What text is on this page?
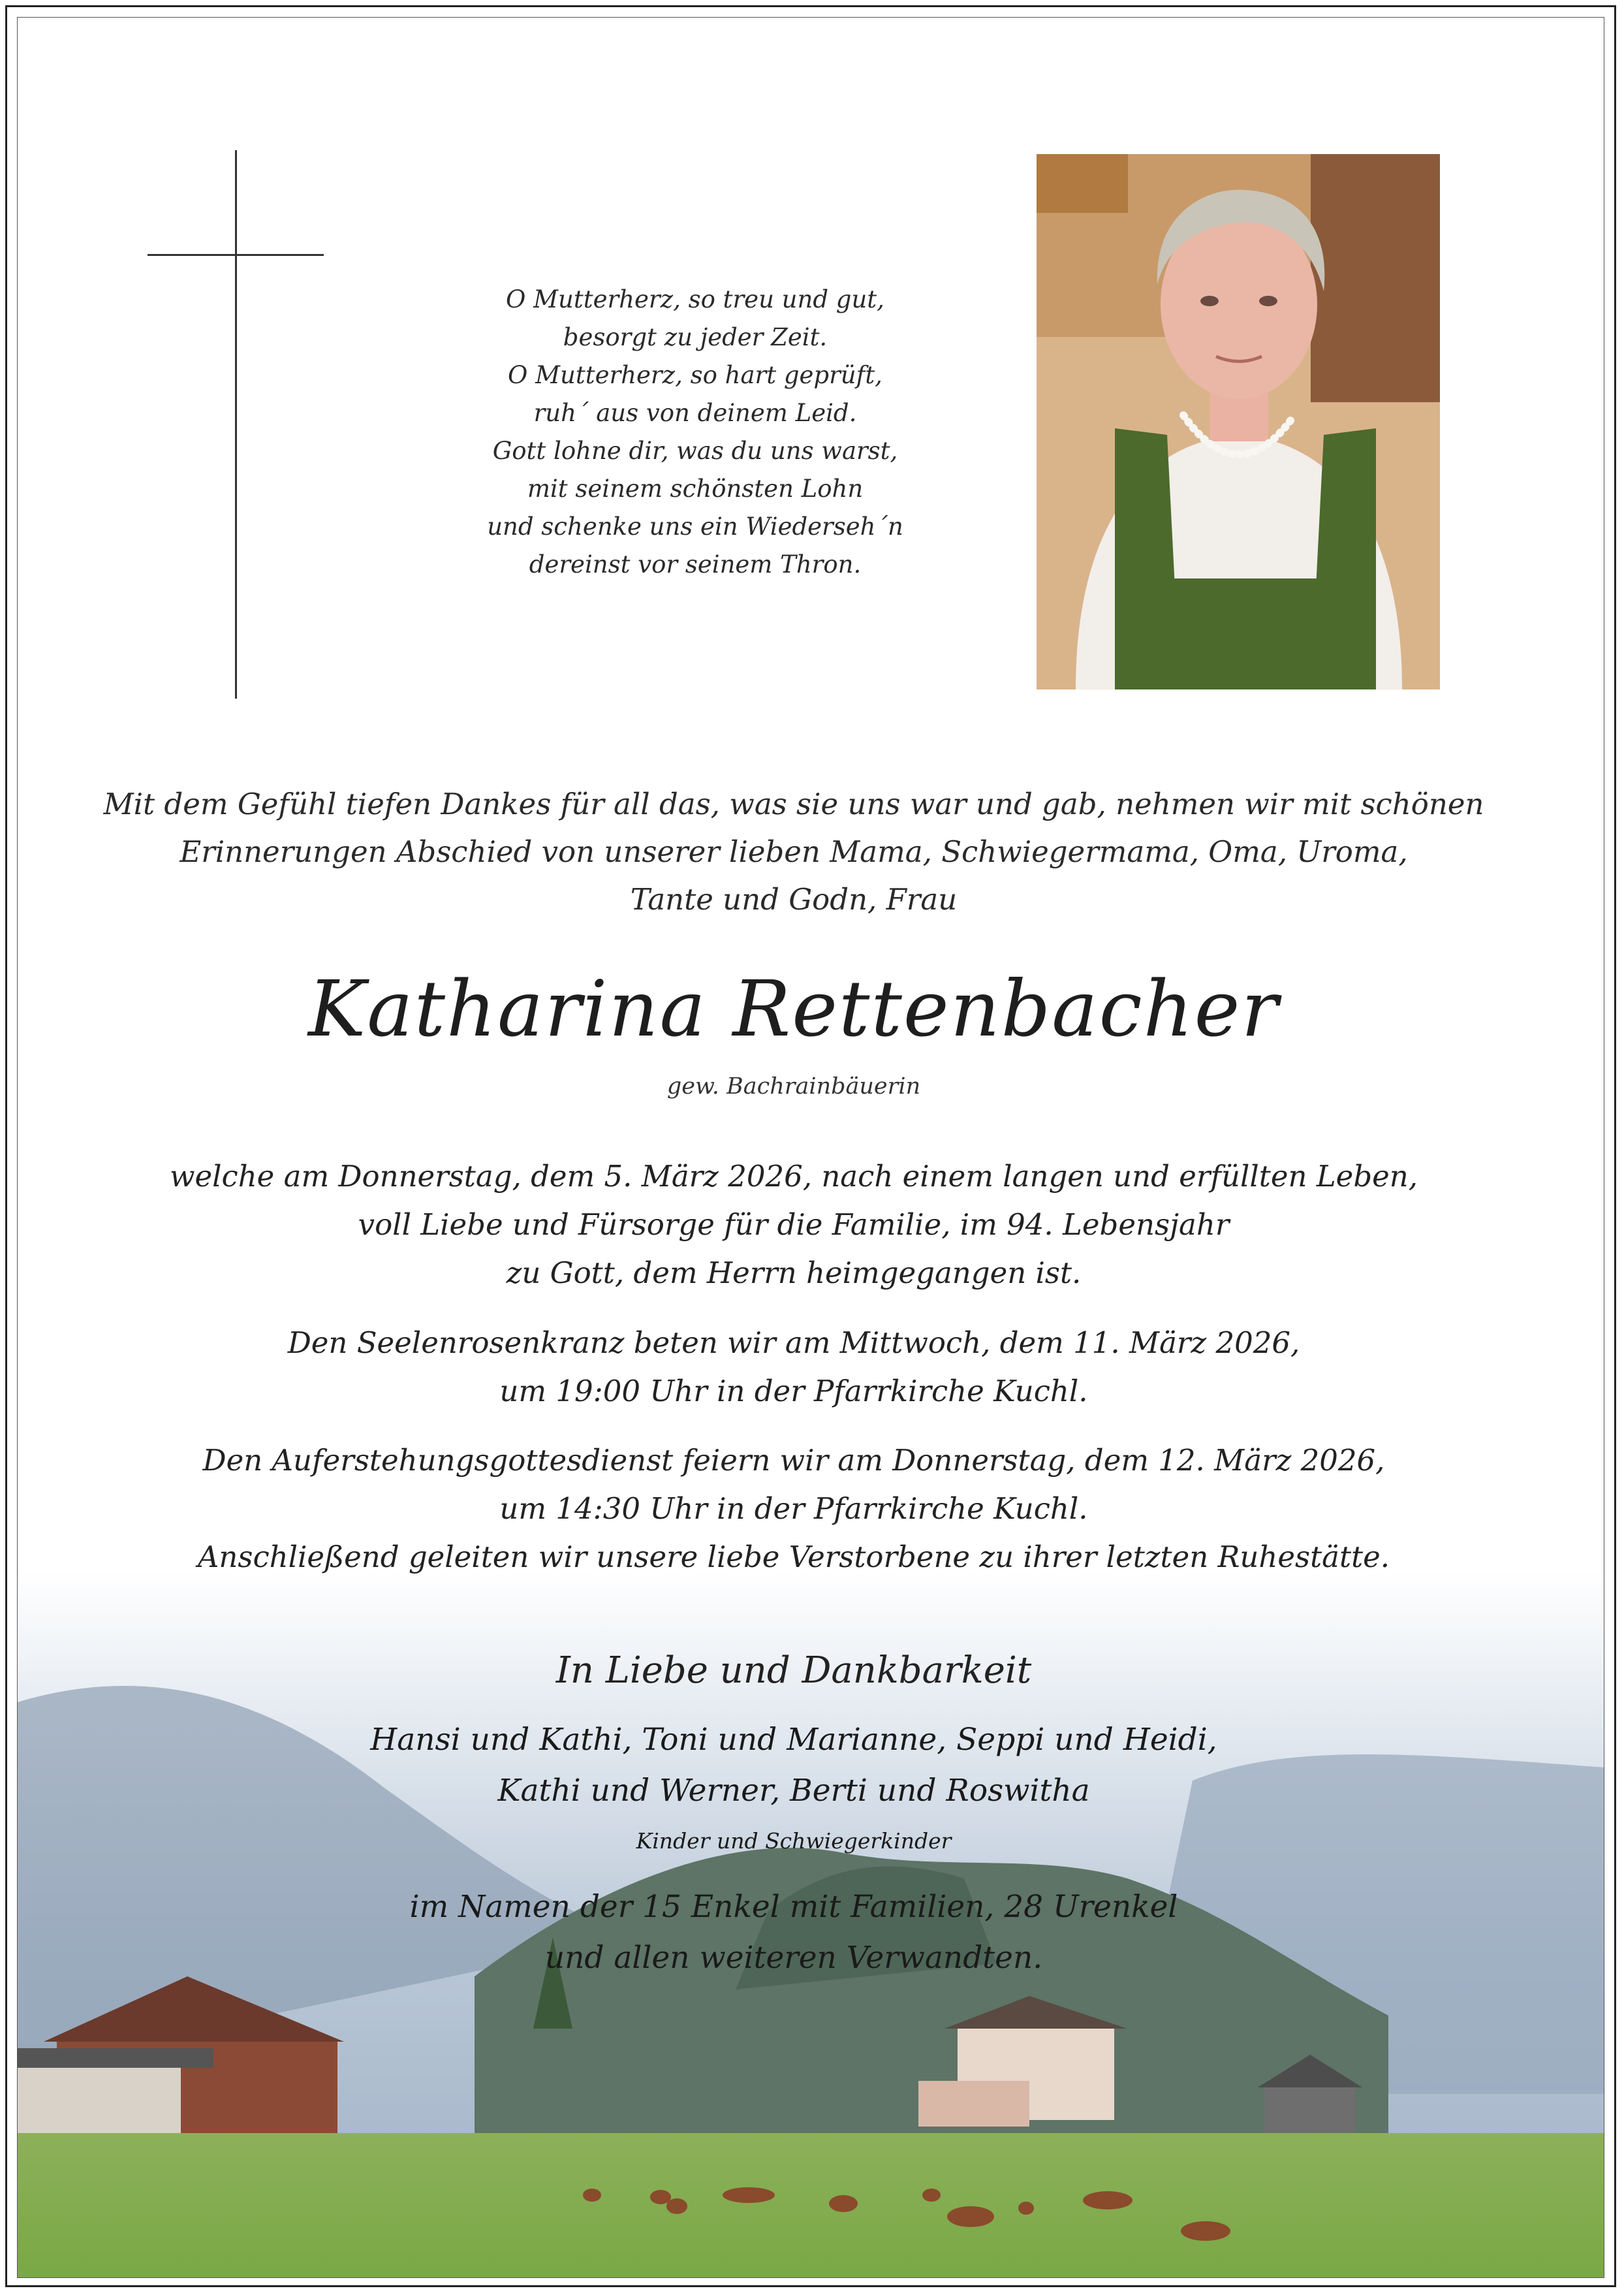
O Mutterherz, so treu und gut,
besorgt zu jeder Zeit.
O Mutterherz, so hart geprüft,
ruh´ aus von deinem Leid.
Gott lohne dir, was du uns warst,
mit seinem schönsten Lohn
und schenke uns ein Wiederseh´n
dereinst vor seinem Thron.
Mit dem Gefühl tiefen Dankes für all das, was sie uns war und gab, nehmen wir mit schönen
Erinnerungen Abschied von unserer lieben Mama, Schwiegermama, Oma, Uroma,
Tante und Godn, Frau
Katharina Rettenbacher
gew. Bachrainbäuerin
welche am Donnerstag, dem 5. März 2026, nach einem langen und erfüllten Leben,
voll Liebe und Fürsorge für die Familie, im 94. Lebensjahr
zu Gott, dem Herrn heimgegangen ist.
Den Seelenrosenkranz beten wir am Mittwoch, dem 11. März 2026,
um 19:00 Uhr in der Pfarrkirche Kuchl.
Den Auferstehungsgottesdienst feiern wir am Donnerstag, dem 12. März 2026,
um 14:30 Uhr in der Pfarrkirche Kuchl.
Anschließend geleiten wir unsere liebe Verstorbene zu ihrer letzten Ruhestätte.
In Liebe und Dankbarkeit
Hansi und Kathi, Toni und Marianne, Seppi und Heidi,
Kathi und Werner, Berti und Roswitha
Kinder und Schwiegerkinder
im Namen der 15 Enkel mit Familien, 28 Urenkel
und allen weiteren Verwandten.
